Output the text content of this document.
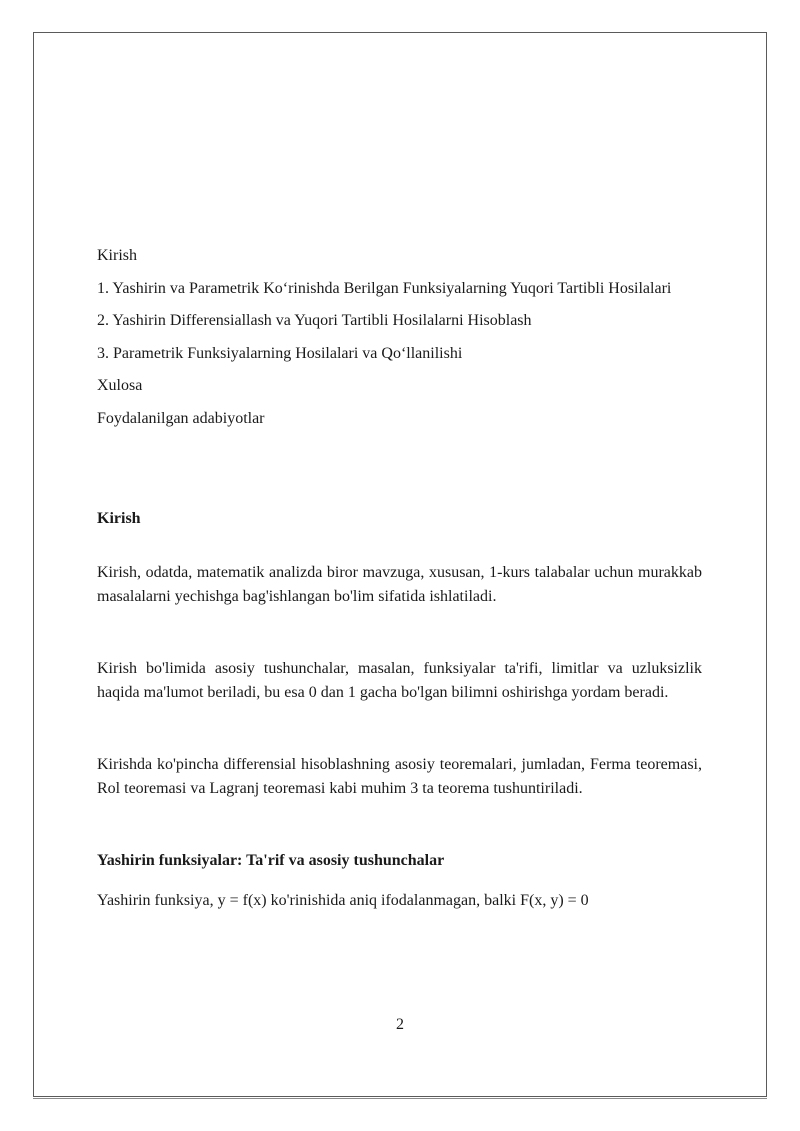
Kirish

1. Yashirin va Parametrik Ko‘rinishda Berilgan Funksiyalarning Yuqori Tartibli Hosilalari

2. Yashirin Differensiallash va Yuqori Tartibli Hosilalarni Hisoblash

3. Parametrik Funksiyalarning Hosilalari va Qo‘llanilishi

Xulosa

Foydalanilgan adabiyotlar

Kirish

Kirish, odatda, matematik analizda biror mavzuga, xususan, 1-kurs talabalar uchun murakkab masalalarni yechishga bag'ishlangan bo'lim sifatida ishlatiladi.

Kirish bo'limida asosiy tushunchalar, masalan, funksiyalar ta'rifi, limitlar va uzluksizlik haqida ma'lumot beriladi, bu esa 0 dan 1 gacha bo'lgan bilimni oshirishga yordam beradi.

Kirishda ko'pincha differensial hisoblashning asosiy teoremalari, jumladan, Ferma teoremasi, Rol teoremasi va Lagranj teoremasi kabi muhim 3 ta teorema tushuntiriladi.

Yashirin funksiyalar: Ta'rif va asosiy tushunchalar

Yashirin funksiya, y = f(x) ko'rinishida aniq ifodalanmagan, balki F(x, y) = 0

2
